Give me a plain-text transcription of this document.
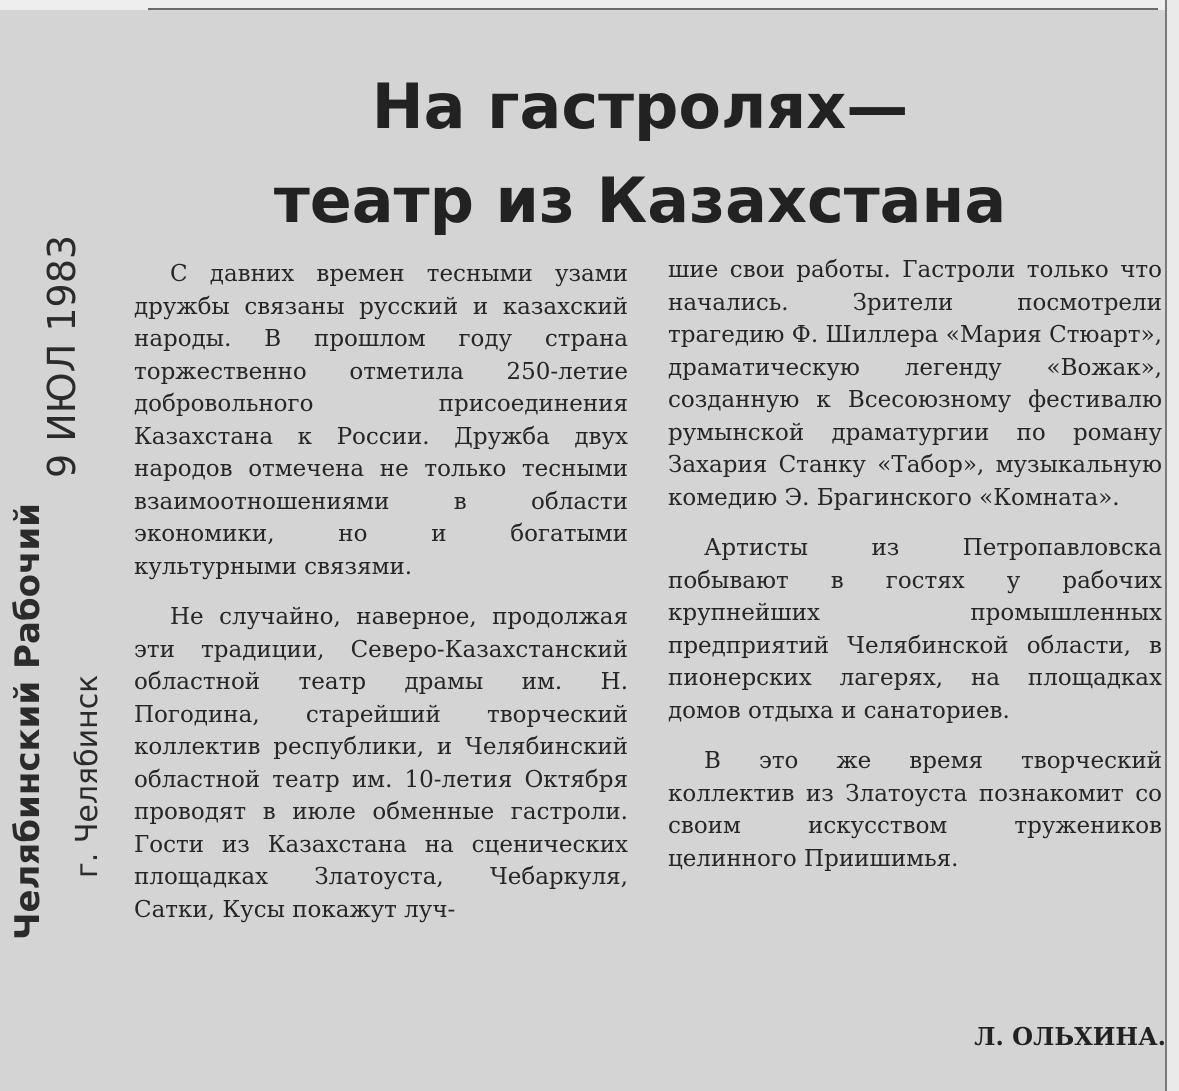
Челябинский Рабочий
9 ИЮЛ 1983
г. Челябинск
На гастролях—
театр из Казахстана

С давних времен тесными узами дружбы связаны русский и казахский народы. В прошлом году страна торжественно отметила 250-летие добровольного присоединения Казахстана к России. Дружба двух народов отмечена не только тесными взаимоотношениями в области экономики, но и богатыми культурными связями.

Не случайно, наверное, продолжая эти традиции, Северо-Казахстанский областной театр драмы им. Н. Погодина, старейший творческий коллектив республики, и Челябинский областной театр им. 10-летия Октября проводят в июле обменные гастроли. Гости из Казахстана на сценических площадках Златоуста, Чебаркуля, Сатки, Кусы покажут луч-

шие свои работы. Гастроли только что начались. Зрители посмотрели трагедию Ф. Шиллера «Мария Стюарт», драматическую легенду «Вожак», созданную к Всесоюзному фестивалю румынской драматургии по роману Захария Станку «Табор», музыкальную комедию Э. Брагинского «Комната».

Артисты из Петропавловска побывают в гостях у рабочих крупнейших промышленных предприятий Челябинской области, в пионерских лагерях, на площадках домов отдыха и санаториев.

В это же время творческий коллектив из Златоуста познакомит со своим искусством тружеников целинного Приишимья.

Л. ОЛЬХИНА.
